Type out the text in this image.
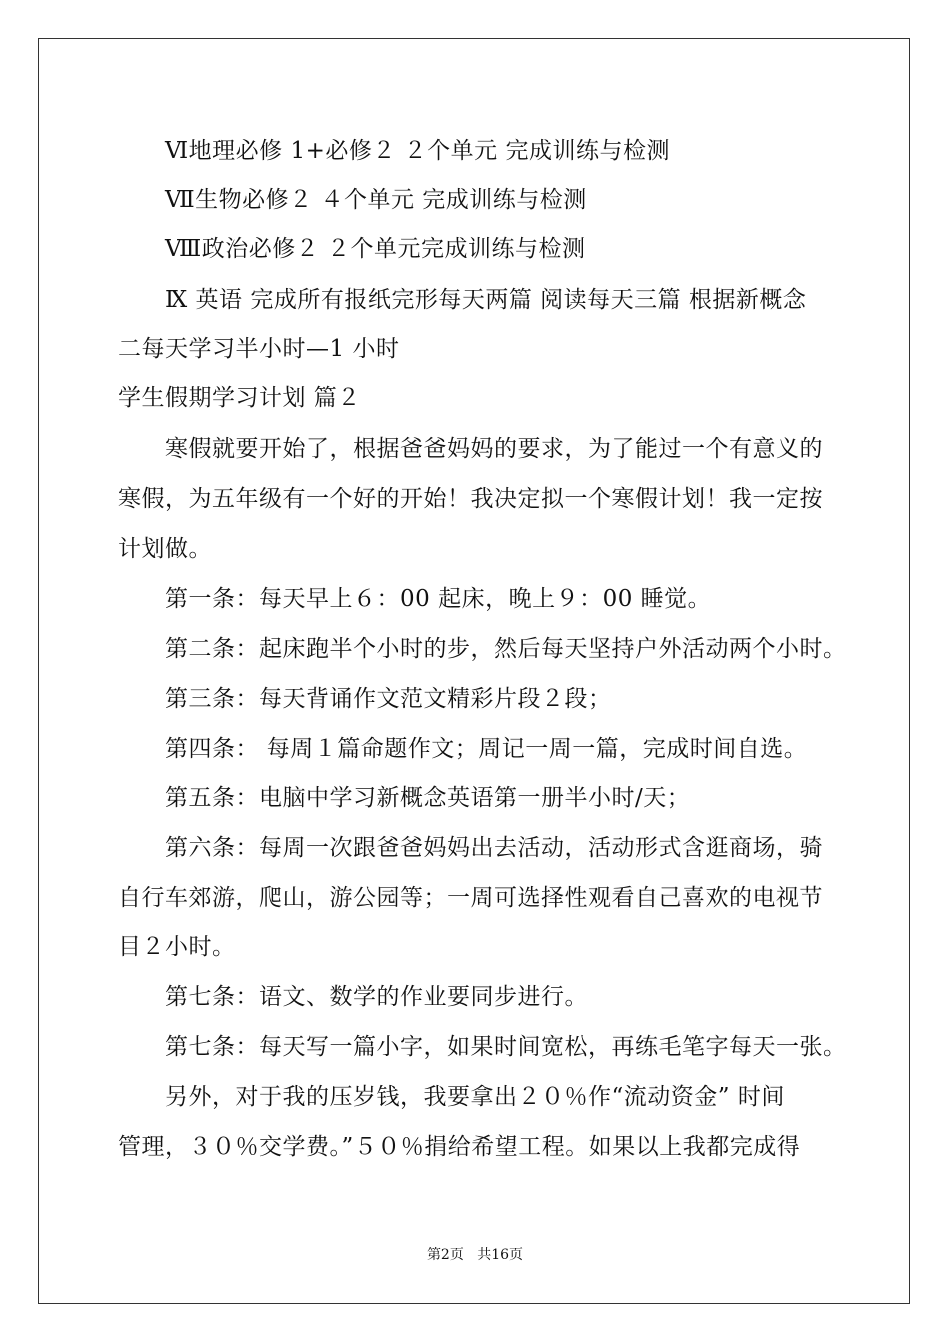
Ⅵ地理必修 1+必修２ ２个单元 完成训练与检测
Ⅶ生物必修２ ４个单元 完成训练与检测
Ⅷ政治必修２ ２个单元完成训练与检测
Ⅸ 英语 完成所有报纸完形每天两篇 阅读每天三篇 根据新概念
二每天学习半小时—1 小时
学生假期学习计划 篇２
寒假就要开始了，根据爸爸妈妈的要求，为了能过一个有意义的
寒假，为五年级有一个好的开始！我决定拟一个寒假计划！我一定按
计划做。
第一条：每天早上６：00 起床，晚上９：00 睡觉。
第二条：起床跑半个小时的步，然后每天坚持户外活动两个小时。
第三条：每天背诵作文范文精彩片段２段；
第四条： 每周１篇命题作文；周记一周一篇，完成时间自选。
第五条：电脑中学习新概念英语第一册半小时/天；
第六条：每周一次跟爸爸妈妈出去活动，活动形式含逛商场，骑
自行车郊游，爬山，游公园等；一周可选择性观看自己喜欢的电视节
目２小时。
第七条：语文、数学的作业要同步进行。
第七条：每天写一篇小字，如果时间宽松，再练毛笔字每天一张。
另外，对于我的压岁钱，我要拿出２０％作“流动资金” 时间
管理，３０％交学费。”５０％捐给希望工程。如果以上我都完成得
第2页 共16页
